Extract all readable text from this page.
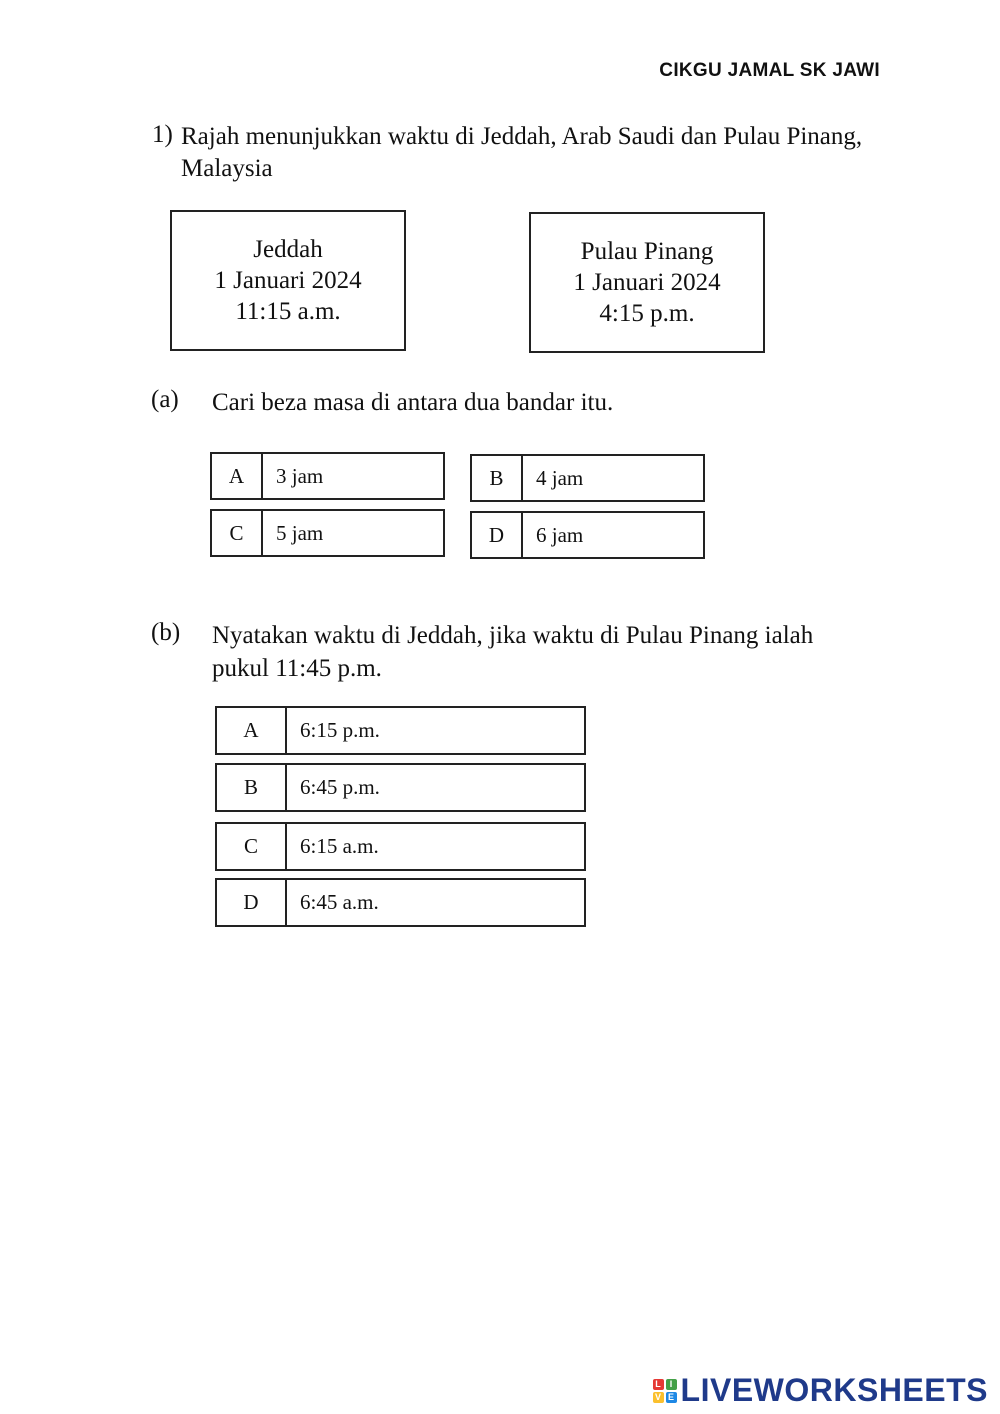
CIKGU JAMAL SK JAWI
1) Rajah menunjukkan waktu di Jeddah, Arab Saudi dan Pulau Pinang, Malaysia
Jeddah
1 Januari 2024
11:15 a.m.
Pulau Pinang
1 Januari 2024
4:15 p.m.
(a) Cari beza masa di antara dua bandar itu.
A	3 jam	B	4 jam
C	5 jam	D	6 jam
(b) Nyatakan waktu di Jeddah, jika waktu di Pulau Pinang ialah pukul 11:45 p.m.
A	6:15 p.m.
B	6:45 p.m.
C	6:15 a.m.
D	6:45 a.m.
L I
V E LIVEWORKSHEETS
